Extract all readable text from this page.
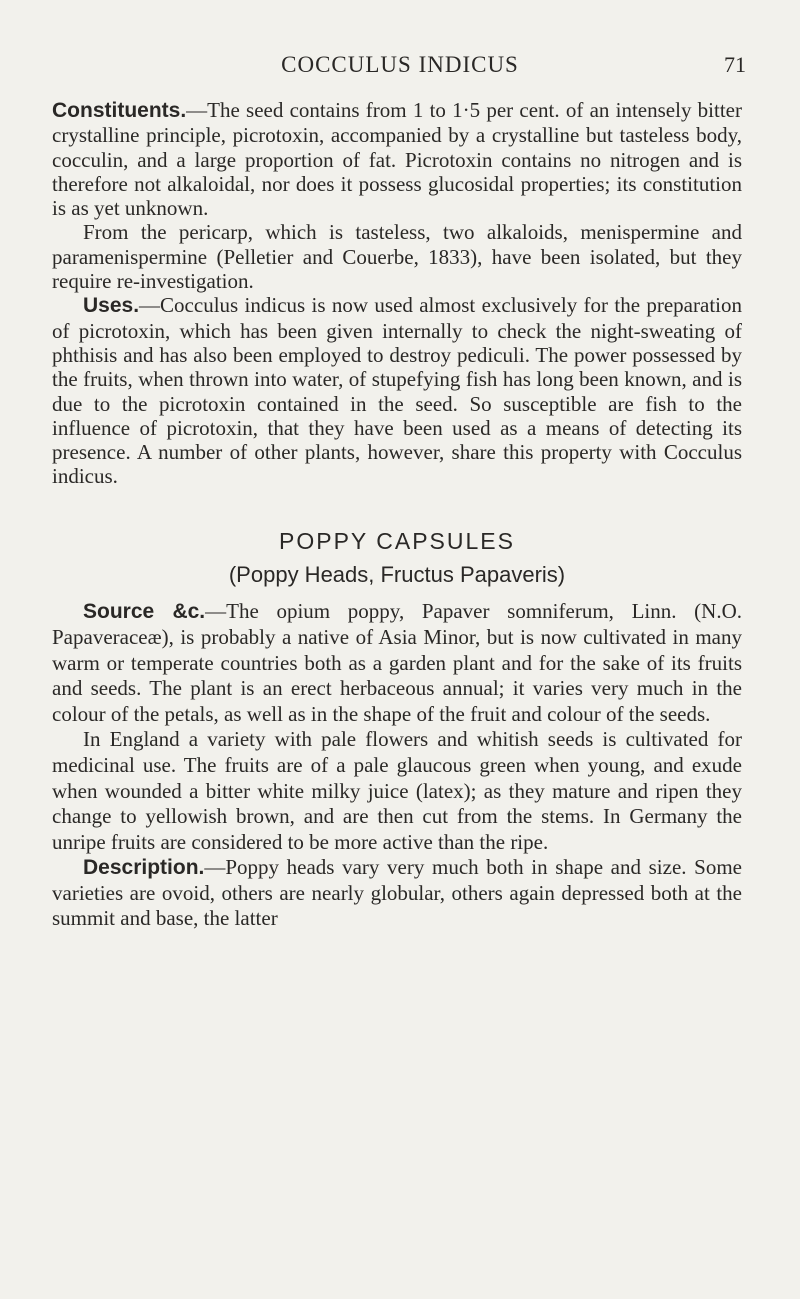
COCCULUS INDICUS	71

Constituents.—The seed contains from 1 to 1·5 per cent. of an intensely bitter crystalline principle, picrotoxin, accompanied by a crystalline but tasteless body, cocculin, and a large proportion of fat. Picrotoxin contains no nitrogen and is therefore not alkaloidal, nor does it possess glucosidal properties; its constitution is as yet unknown.

From the pericarp, which is tasteless, two alkaloids, menispermine and paramenispermine (Pelletier and Couerbe, 1833), have been isolated, but they require re-investigation.

Uses.—Cocculus indicus is now used almost exclusively for the preparation of picrotoxin, which has been given internally to check the night-sweating of phthisis and has also been employed to destroy pediculi. The power possessed by the fruits, when thrown into water, of stupefying fish has long been known, and is due to the picrotoxin contained in the seed. So susceptible are fish to the influence of picrotoxin, that they have been used as a means of detecting its presence. A number of other plants, however, share this property with Cocculus indicus.

POPPY CAPSULES
(Poppy Heads, Fructus Papaveris)

Source &c.—The opium poppy, Papaver somniferum, Linn. (N.O. Papaveraceæ), is probably a native of Asia Minor, but is now cultivated in many warm or temperate countries both as a garden plant and for the sake of its fruits and seeds. The plant is an erect herbaceous annual; it varies very much in the colour of the petals, as well as in the shape of the fruit and colour of the seeds.

In England a variety with pale flowers and whitish seeds is cultivated for medicinal use. The fruits are of a pale glaucous green when young, and exude when wounded a bitter white milky juice (latex); as they mature and ripen they change to yellowish brown, and are then cut from the stems. In Germany the unripe fruits are considered to be more active than the ripe.

Description.—Poppy heads vary very much both in shape and size. Some varieties are ovoid, others are nearly globular, others again depressed both at the summit and base, the latter
